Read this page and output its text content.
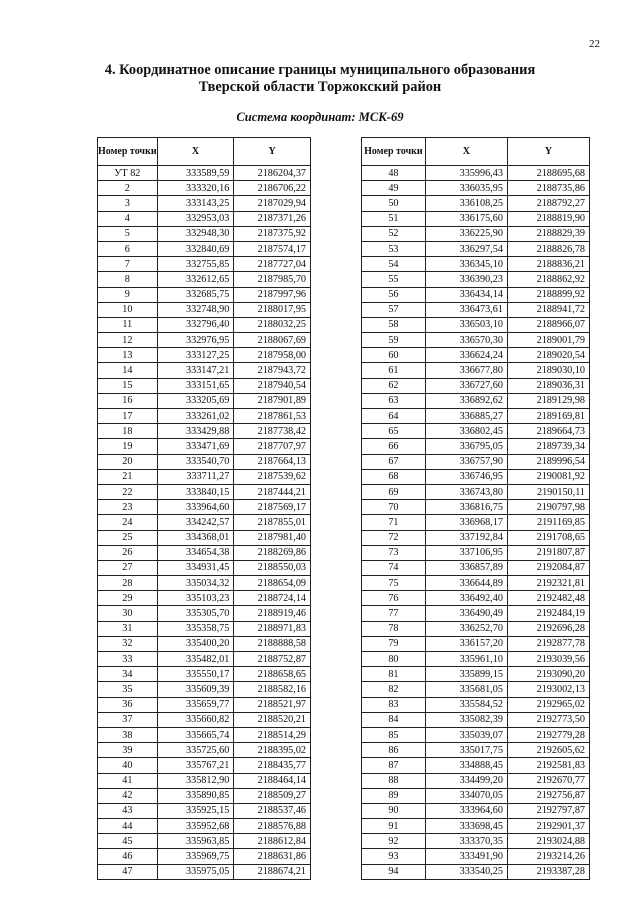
22
4. Координатное описание границы муниципального образования
Тверской области Торжокский район
Система координат: МСК-69
Номер точки	X	Y
УТ 82	333589,59	2186204,37
2	333320,16	2186706,22
3	333143,25	2187029,94
4	332953,03	2187371,26
5	332948,30	2187375,92
6	332840,69	2187574,17
7	332755,85	2187727,04
8	332612,65	2187985,70
9	332685,75	2187997,96
10	332748,90	2188017,95
11	332796,40	2188032,25
12	332976,95	2188067,69
13	333127,25	2187958,00
14	333147,21	2187943,72
15	333151,65	2187940,54
16	333205,69	2187901,89
17	333261,02	2187861,53
18	333429,88	2187738,42
19	333471,69	2187707,97
20	333540,70	2187664,13
21	333711,27	2187539,62
22	333840,15	2187444,21
23	333964,60	2187569,17
24	334242,57	2187855,01
25	334368,01	2187981,40
26	334654,38	2188269,86
27	334931,45	2188550,03
28	335034,32	2188654,09
29	335103,23	2188724,14
30	335305,70	2188919,46
31	335358,75	2188971,83
32	335400,20	2188888,58
33	335482,01	2188752,87
34	335550,17	2188658,65
35	335609,39	2188582,16
36	335659,77	2188521,97
37	335660,82	2188520,21
38	335665,74	2188514,29
39	335725,60	2188395,02
40	335767,21	2188435,77
41	335812,90	2188464,14
42	335890,85	2188509,27
43	335925,15	2188537,46
44	335952,68	2188576,88
45	335963,85	2188612,84
46	335969,75	2188631,86
47	335975,05	2188674,21
Номер точки	X	Y
48	335996,43	2188695,68
49	336035,95	2188735,86
50	336108,25	2188792,27
51	336175,60	2188819,90
52	336225,90	2188829,39
53	336297,54	2188826,78
54	336345,10	2188836,21
55	336390,23	2188862,92
56	336434,14	2188899,92
57	336473,61	2188941,72
58	336503,10	2188966,07
59	336570,30	2189001,79
60	336624,24	2189020,54
61	336677,80	2189030,10
62	336727,60	2189036,31
63	336892,62	2189129,98
64	336885,27	2189169,81
65	336802,45	2189664,73
66	336795,05	2189739,34
67	336757,90	2189996,54
68	336746,95	2190081,92
69	336743,80	2190150,11
70	336816,75	2190797,98
71	336968,17	2191169,85
72	337192,84	2191708,65
73	337106,95	2191807,87
74	336857,89	2192084,87
75	336644,89	2192321,81
76	336492,40	2192482,48
77	336490,49	2192484,19
78	336252,70	2192696,28
79	336157,20	2192877,78
80	335961,10	2193039,56
81	335899,15	2193090,20
82	335681,05	2193002,13
83	335584,52	2192965,02
84	335082,39	2192773,50
85	335039,07	2192779,28
86	335017,75	2192605,62
87	334888,45	2192581,83
88	334499,20	2192670,77
89	334070,05	2192756,87
90	333964,60	2192797,87
91	333698,45	2192901,37
92	333370,35	2193024,88
93	333491,90	2193214,26
94	333540,25	2193387,28
